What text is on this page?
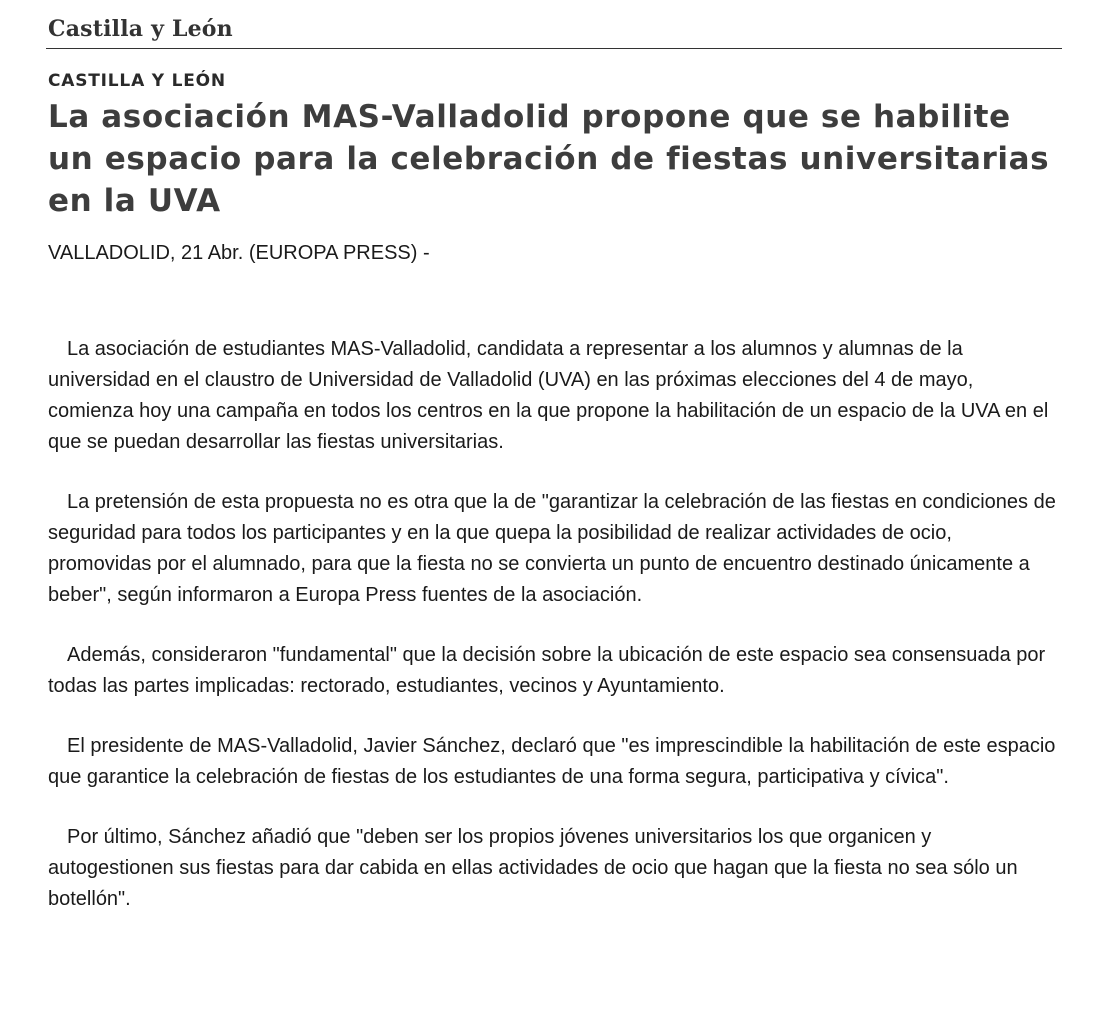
Castilla y León
CASTILLA Y LEÓN
La asociación MAS-Valladolid propone que se habilite un espacio para la celebración de fiestas universitarias en la UVA
VALLADOLID, 21 Abr. (EUROPA PRESS) -

La asociación de estudiantes MAS-Valladolid, candidata a representar a los alumnos y alumnas de la universidad en el claustro de Universidad de Valladolid (UVA) en las próximas elecciones del 4 de mayo, comienza hoy una campaña en todos los centros en la que propone la habilitación de un espacio de la UVA en el que se puedan desarrollar las fiestas universitarias.

La pretensión de esta propuesta no es otra que la de "garantizar la celebración de las fiestas en condiciones de seguridad para todos los participantes y en la que quepa la posibilidad de realizar actividades de ocio, promovidas por el alumnado, para que la fiesta no se convierta un punto de encuentro destinado únicamente a beber", según informaron a Europa Press fuentes de la asociación.

Además, consideraron "fundamental" que la decisión sobre la ubicación de este espacio sea consensuada por todas las partes implicadas: rectorado, estudiantes, vecinos y Ayuntamiento.

El presidente de MAS-Valladolid, Javier Sánchez, declaró que "es imprescindible la habilitación de este espacio que garantice la celebración de fiestas de los estudiantes de una forma segura, participativa y cívica".

Por último, Sánchez añadió que "deben ser los propios jóvenes universitarios los que organicen y autogestionen sus fiestas para dar cabida en ellas actividades de ocio que hagan que la fiesta no sea sólo un botellón".
